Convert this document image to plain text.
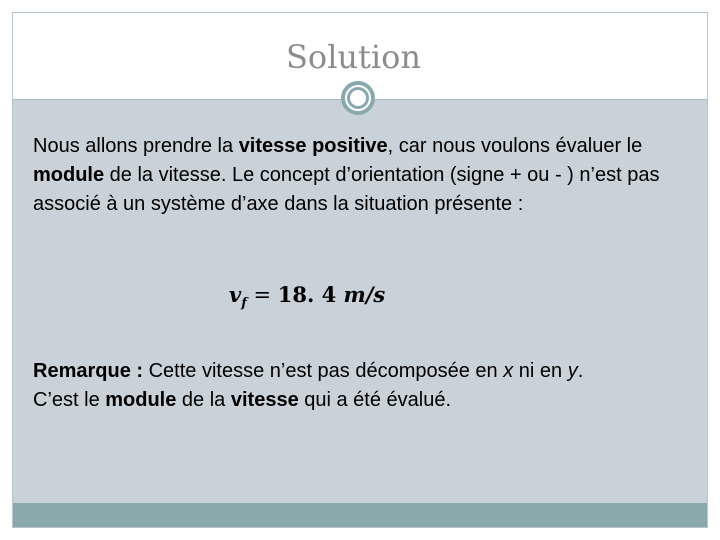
Solution

Nous allons prendre la vitesse positive, car nous voulons évaluer le module de la vitesse. Le concept d’orientation (signe + ou - ) n’est pas associé à un système d’axe dans la situation présente :

$v_f = 18$. 4 m/s

Remarque : Cette vitesse n’est pas décomposée en x ni en y.
C’est le module de la vitesse qui a été évalué.
